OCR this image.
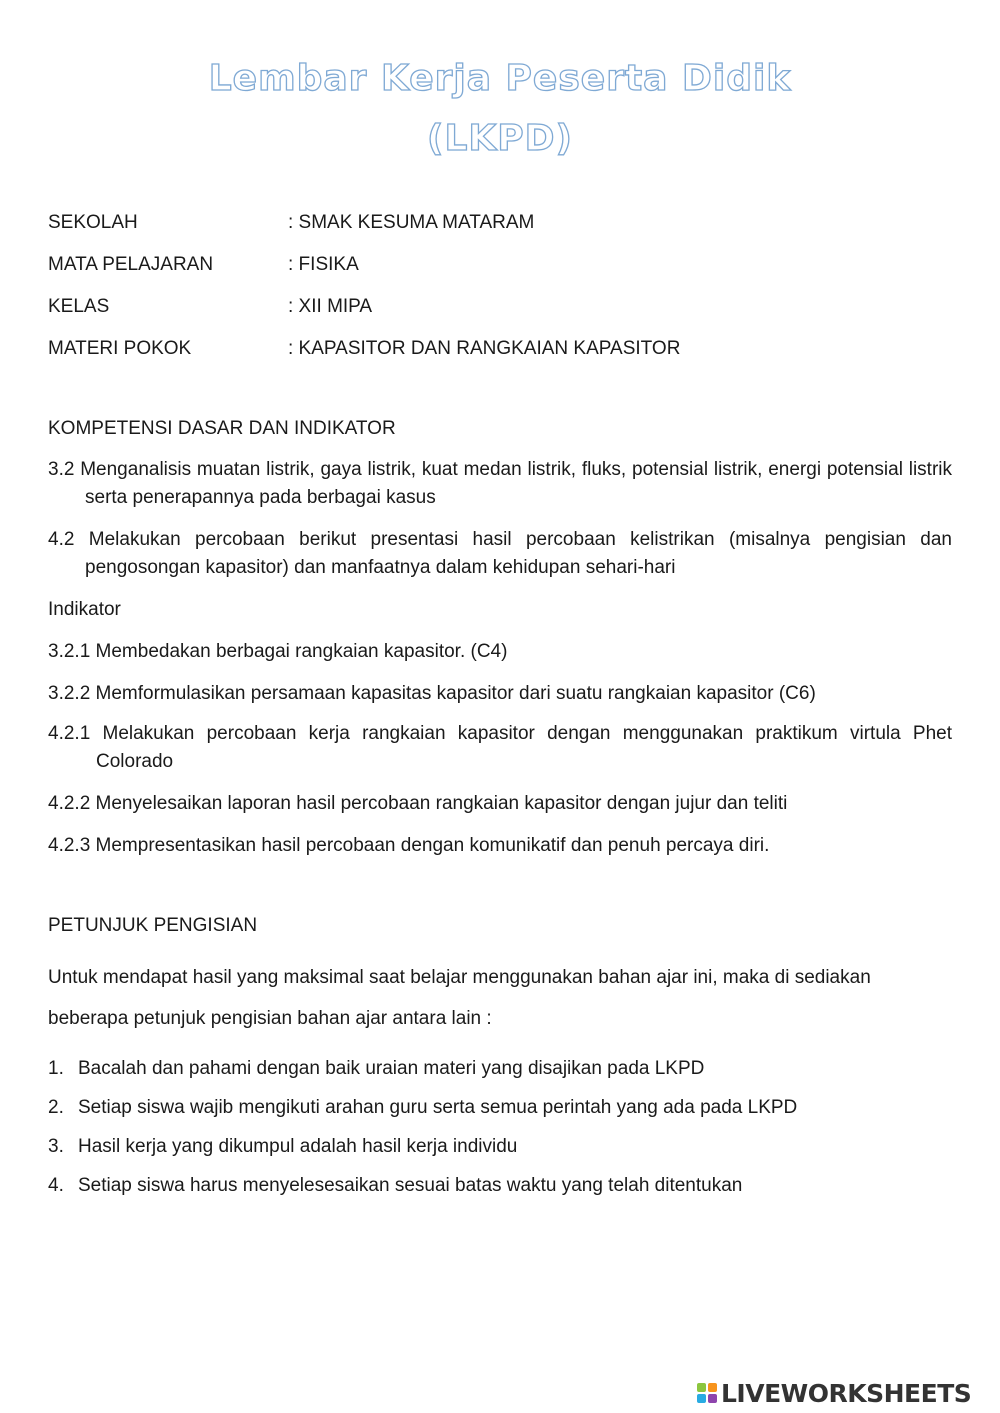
Lembar Kerja Peserta Didik
(LKPD)
SEKOLAH	: SMAK KESUMA MATARAM
MATA PELAJARAN	: FISIKA
KELAS	: XII MIPA
MATERI POKOK	: KAPASITOR DAN RANGKAIAN KAPASITOR
KOMPETENSI DASAR DAN INDIKATOR
3.2 Menganalisis muatan listrik, gaya listrik, kuat medan listrik, fluks, potensial listrik, energi potensial listrik serta penerapannya pada berbagai kasus
4.2 Melakukan percobaan berikut presentasi hasil percobaan kelistrikan (misalnya pengisian dan pengosongan kapasitor) dan manfaatnya dalam kehidupan sehari-hari
Indikator
3.2.1 Membedakan berbagai rangkaian kapasitor. (C4)
3.2.2 Memformulasikan persamaan kapasitas kapasitor dari suatu rangkaian kapasitor (C6)
4.2.1 Melakukan percobaan kerja rangkaian kapasitor dengan menggunakan praktikum virtula Phet Colorado
4.2.2 Menyelesaikan laporan hasil percobaan rangkaian kapasitor dengan jujur dan teliti
4.2.3 Mempresentasikan hasil percobaan dengan komunikatif dan penuh percaya diri.
PETUNJUK PENGISIAN
Untuk mendapat hasil yang maksimal saat belajar menggunakan bahan ajar ini, maka di sediakan
beberapa petunjuk pengisian bahan ajar antara lain :
1. Bacalah dan pahami dengan baik uraian materi yang disajikan pada LKPD
2. Setiap siswa wajib mengikuti arahan guru serta semua perintah yang ada pada LKPD
3. Hasil kerja yang dikumpul adalah hasil kerja individu
4. Setiap siswa harus menyelesesaikan sesuai batas waktu yang telah ditentukan
LIVEWORKSHEETS
